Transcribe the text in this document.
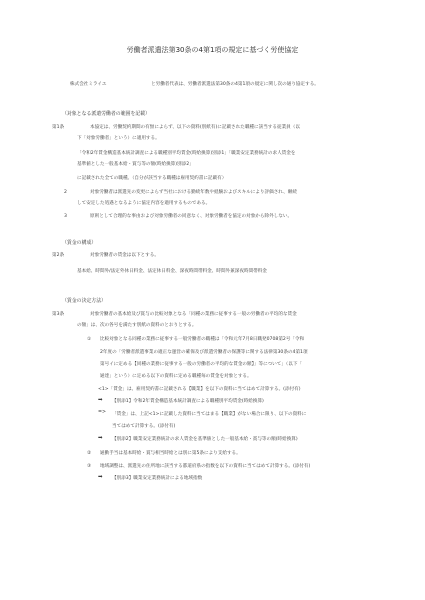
労働者派遣法第30条の4第1項の規定に基づく労使協定
株式会社ミライエ	と労働者代表は、労働者派遣法第30条の4第1項の規定に関し次の通り協定する。
（対象となる派遣労働者の範囲を記載）
第1条	本協定は、労働契約期間の有無によらず、以下の資料(別紙有)に記載された職種に該当する従業員（以
下「対象労働者」という）に適用する。
「令和2年賃金構造基本統計調査による職種別平均賃金(時給換算)別添1」「職業安定業務統計の求人賃金を
基準値とした一般基本給・賞与等の額(時給換算)別添2」
に記載された全ての職種。（自分が該当する職種は雇用契約書に記載有）
2	対象労働者は派遣先の変更によらず当社における勤続年数や経験およびスキルにより評価され、継続
して安定した処遇となるように協定内容を適用するものである。
3	原則として合理的な事由および対象労働者の同意なく、対象労働者を協定の対象から除外しない。
（賃金の構成）
第2条	対象労働者の賃金は以下とする。
基本給、時間外/法定外休日料金、法定休日料金、深夜時間帯料金、時間外兼深夜時間帯料金
（賃金の決定方法）
第3条	対象労働者の基本給及び賞与の比較対象となる「同種の業務に従事する一般の労働者の平均的な賃金
の額」は、次の各号を満たす別紙の資料のとおりとする。
① 比較対象となる同種の業務に従事する一般労働者の職種は「令和元年7月8日職発0708第2号「令和
2年度の「労働者派遣事業の適正な運営の確保及び派遣労働者の保護等に関する法律第30条の4第1項
第号イに定める【同種の業務に従事する一般の労働者の平均的な賃金の額】」等について」（以下「
通達」という）に定める以下の資料に定める職種毎の賃金を対象とする。
<1>「賃金」は、雇用契約書に記載される【職業】を以下の資料に当てはめて計算する。(添付有)
➡ 【別添1】令和2年賃金構造基本統計調査による職種別平均賃金(時給換算)
=> 「賃金」は、上記<1>に記載した資料に当てはまる【職業】がない場合に限り、以下の資料に
当てはめて計算する。(添付有)
➡ 【別添2】職業安定業務統計の求人賃金を基準値とした一般基本給・賞与等の額(時給換算)
② 通勤手当は基本時給・賞与相当時給とは別に第5条により支給する。
③ 地域調整は、派遣先の住所地に該当する都道府県の指数を以下の資料に当てはめて計算する。(添付有)
➡ 【別添3】職業安定業務統計による地域指数
